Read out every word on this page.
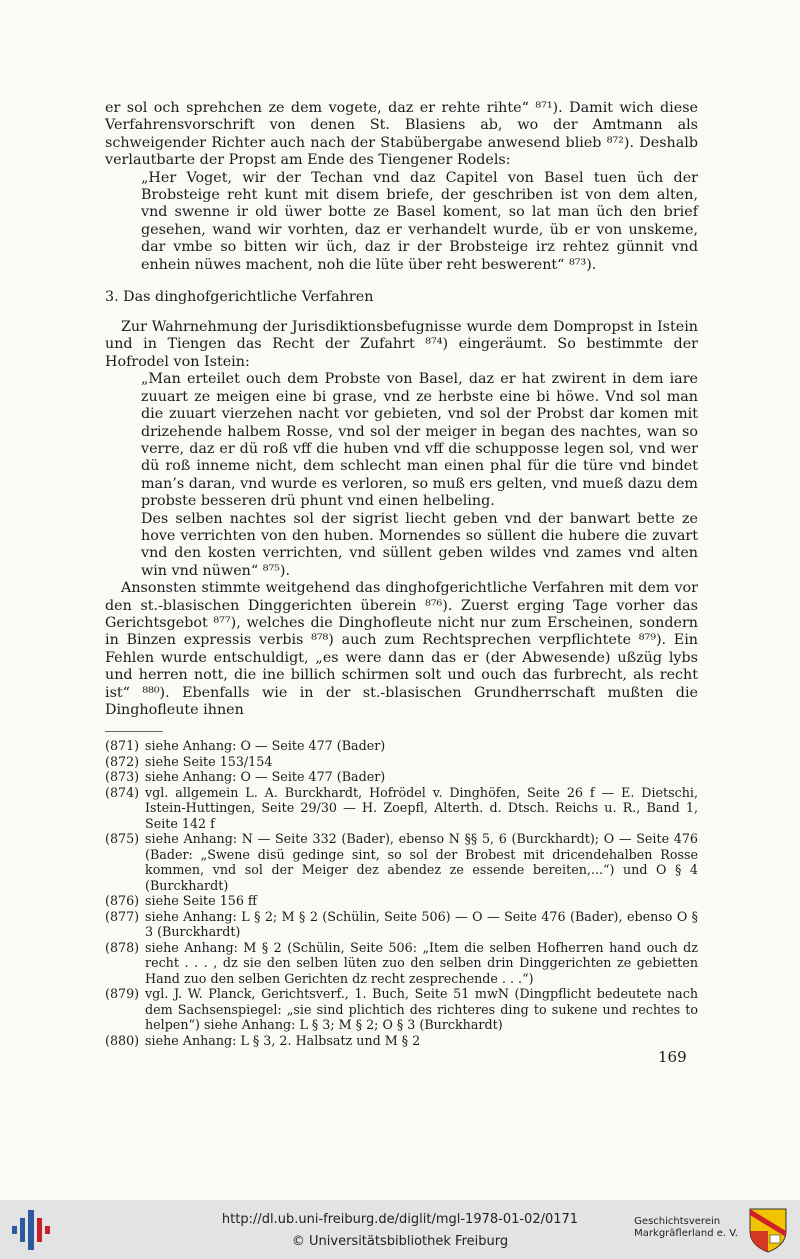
er sol och sprehchen ze dem vogete, daz er rehte rihte“ ⁸⁷¹). Damit wich diese Verfahrensvorschrift von denen St. Blasiens ab, wo der Amtmann als schweigender Richter auch nach der Stabübergabe anwesend blieb ⁸⁷²). Deshalb verlautbarte der Propst am Ende des Tiengener Rodels:

„Her Voget, wir der Techan vnd daz Capitel von Basel tuen üch der Brobsteige reht kunt mit disem briefe, der geschriben ist von dem alten, vnd swenne ir old üwer botte ze Basel koment, so lat man üch den brief gesehen, wand wir vorhten, daz er verhandelt wurde, üb er von unskeme, dar vmbe so bitten wir üch, daz ir der Brobsteige irz rehtez günnit vnd enhein nüwes machent, noh die lüte über reht beswerent“ ⁸⁷³).

3. Das dinghofgerichtliche Verfahren

Zur Wahrnehmung der Jurisdiktionsbefugnisse wurde dem Dompropst in Istein und in Tiengen das Recht der Zufahrt ⁸⁷⁴) eingeräumt. So bestimmte der Hofrodel von Istein:

„Man erteilet ouch dem Probste von Basel, daz er hat zwirent in dem iare zuuart ze meigen eine bi grase, vnd ze herbste eine bi höwe. Vnd sol man die zuuart vierzehen nacht vor gebieten, vnd sol der Probst dar komen mit drizehende halbem Rosse, vnd sol der meiger in began des nachtes, wan so verre, daz er dü roß vff die huben vnd vff die schupposse legen sol, vnd wer dü roß inneme nicht, dem schlecht man einen phal für die türe vnd bindet man’s daran, vnd wurde es verloren, so muß ers gelten, vnd mueß dazu dem probste besseren drü phunt vnd einen helbeling.

Des selben nachtes sol der sigrist liecht geben vnd der banwart bette ze hove verrichten von den huben. Mornendes so süllent die hubere die zuvart vnd den kosten verrichten, vnd süllent geben wildes vnd zames vnd alten win vnd nüwen“ ⁸⁷⁵).

Ansonsten stimmte weitgehend das dinghofgerichtliche Verfahren mit dem vor den st.-blasischen Dinggerichten überein ⁸⁷⁶). Zuerst erging Tage vorher das Gerichtsgebot ⁸⁷⁷), welches die Dinghofleute nicht nur zum Erscheinen, sondern in Binzen expressis verbis ⁸⁷⁸) auch zum Rechtsprechen verpflichtete ⁸⁷⁹). Ein Fehlen wurde entschuldigt, „es were dann das er (der Abwesende) ußzüg lybs und herren nott, die ine billich schirmen solt und ouch das furbrecht, als recht ist“ ⁸⁸⁰). Ebenfalls wie in der st.-blasischen Grundherrschaft mußten die Dinghofleute ihnen

(871) siehe Anhang: O — Seite 477 (Bader)
(872) siehe Seite 153/154
(873) siehe Anhang: O — Seite 477 (Bader)
(874) vgl. allgemein L. A. Burckhardt, Hofrödel v. Dinghöfen, Seite 26 f — E. Dietschi, Istein-Huttingen, Seite 29/30 — H. Zoepfl, Alterth. d. Dtsch. Reichs u. R., Band 1, Seite 142 f
(875) siehe Anhang: N — Seite 332 (Bader), ebenso N §§ 5, 6 (Burckhardt); O — Seite 476 (Bader: „Swene disü gedinge sint, so sol der Brobest mit dricendehalben Rosse kommen, vnd sol der Meiger dez abendez ze essende bereiten,...“) und O § 4 (Burckhardt)
(876) siehe Seite 156 ff
(877) siehe Anhang: L § 2; M § 2 (Schülin, Seite 506) — O — Seite 476 (Bader), ebenso O § 3 (Burckhardt)
(878) siehe Anhang: M § 2 (Schülin, Seite 506: „Item die selben Hofherren hand ouch dz recht . . . , dz sie den selben lüten zuo den selben drin Dinggerichten ze gebietten Hand zuo den selben Gerichten dz recht zesprechende . . .“)
(879) vgl. J. W. Planck, Gerichtsverf., 1. Buch, Seite 51 mwN (Dingpflicht bedeutete nach dem Sachsenspiegel: „sie sind plichtich des richteres ding to sukene und rechtes to helpen“) siehe Anhang: L § 3; M § 2; O § 3 (Burckhardt)
(880) siehe Anhang: L § 3, 2. Halbsatz und M § 2
169
http://dl.ub.uni-freiburg.de/diglit/mgl-1978-01-02/0171
© Universitätsbibliothek Freiburg
Geschichtsverein
Markgräflerland e. V.
